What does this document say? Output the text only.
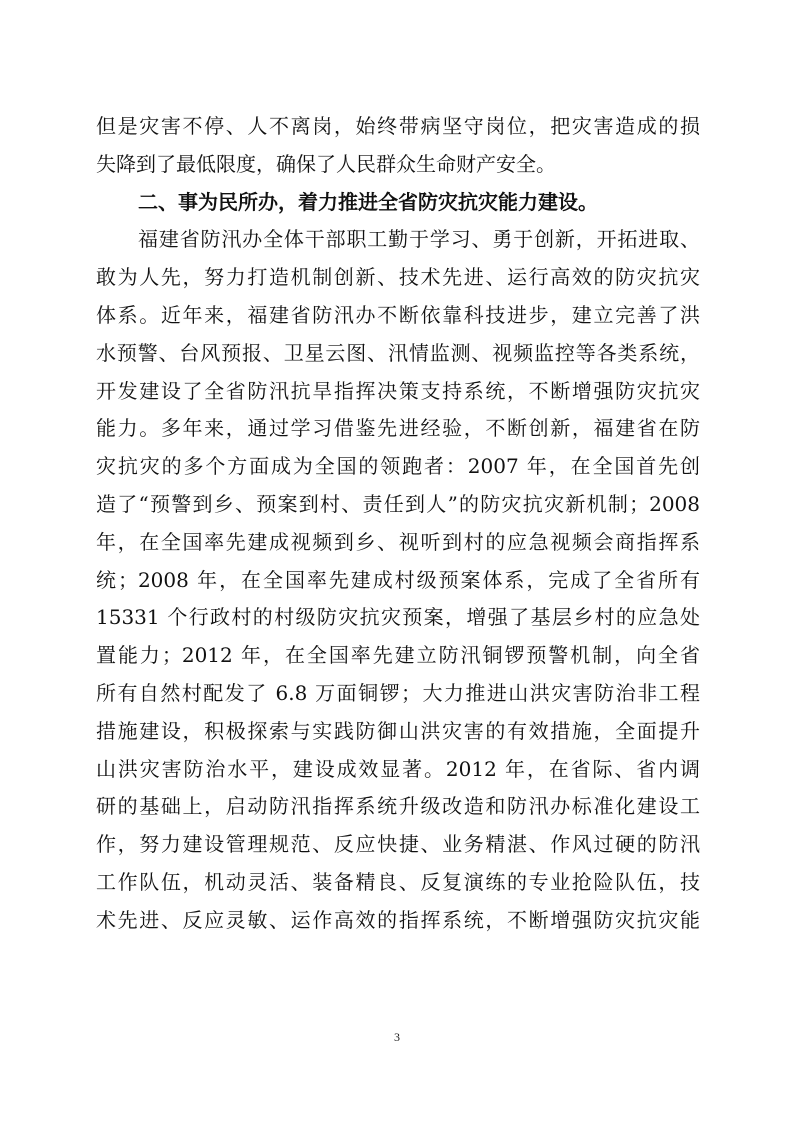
但是灾害不停、人不离岗，始终带病坚守岗位，把灾害造成的损
失降到了最低限度，确保了人民群众生命财产安全。
二、事为民所办，着力推进全省防灾抗灾能力建设。
福建省防汛办全体干部职工勤于学习、勇于创新，开拓进取、
敢为人先，努力打造机制创新、技术先进、运行高效的防灾抗灾
体系。近年来，福建省防汛办不断依靠科技进步，建立完善了洪
水预警、台风预报、卫星云图、汛情监测、视频监控等各类系统，
开发建设了全省防汛抗旱指挥决策支持系统，不断增强防灾抗灾
能力。多年来，通过学习借鉴先进经验，不断创新，福建省在防
灾抗灾的多个方面成为全国的领跑者：2007 年，在全国首先创
造了“预警到乡、预案到村、责任到人”的防灾抗灾新机制；2008
年，在全国率先建成视频到乡、视听到村的应急视频会商指挥系
统；2008 年，在全国率先建成村级预案体系，完成了全省所有
15331 个行政村的村级防灾抗灾预案，增强了基层乡村的应急处
置能力；2012 年，在全国率先建立防汛铜锣预警机制，向全省
所有自然村配发了 6.8 万面铜锣；大力推进山洪灾害防治非工程
措施建设，积极探索与实践防御山洪灾害的有效措施，全面提升
山洪灾害防治水平，建设成效显著。2012 年，在省际、省内调
研的基础上，启动防汛指挥系统升级改造和防汛办标准化建设工
作，努力建设管理规范、反应快捷、业务精湛、作风过硬的防汛
工作队伍，机动灵活、装备精良、反复演练的专业抢险队伍，技
术先进、反应灵敏、运作高效的指挥系统，不断增强防灾抗灾能
3
